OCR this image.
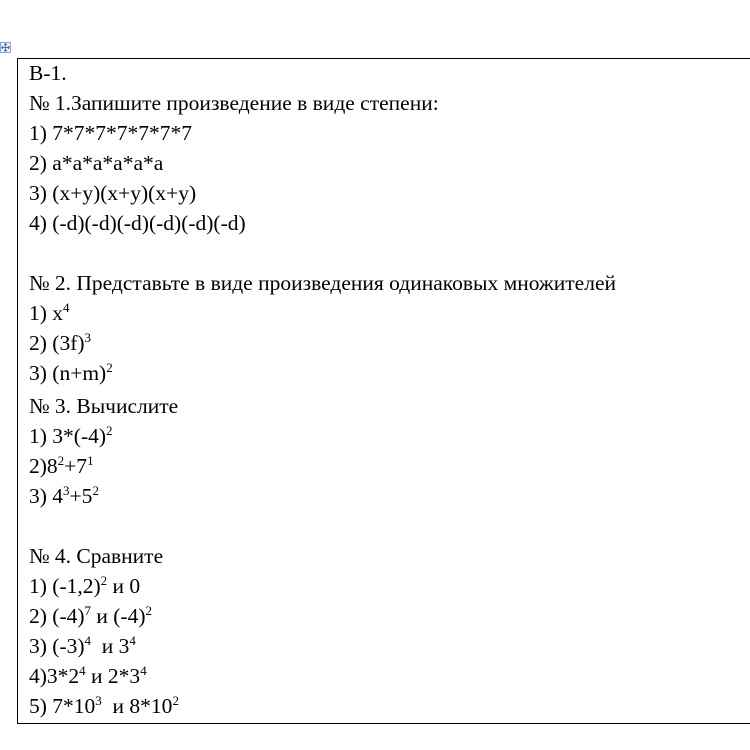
В-1.
№ 1.Запишите произведение в виде степени:
1) 7*7*7*7*7*7*7
2) a*a*a*a*a*a
3) (x+y)(x+y)(x+y)
4) (-d)(-d)(-d)(-d)(-d)(-d)
№ 2. Представьте в виде произведения одинаковых множителей
1) $x^4$
2) $(3f)^3$
3) $(n+m)^2$
№ 3. Вычислите
1) $3*(-4)^2$
$2)8^2+7^1$
3) $4^3+5^2$
№ 4. Сравните
1) $(-1,2)^2$ и 0
2) $(-4)^7$ и $(-4)^2$
3) $(-3)^4$  и $3^4$
$4)3*2^4$ и $2*3^4$
5) $7*10^3$  и $8*10^2$
